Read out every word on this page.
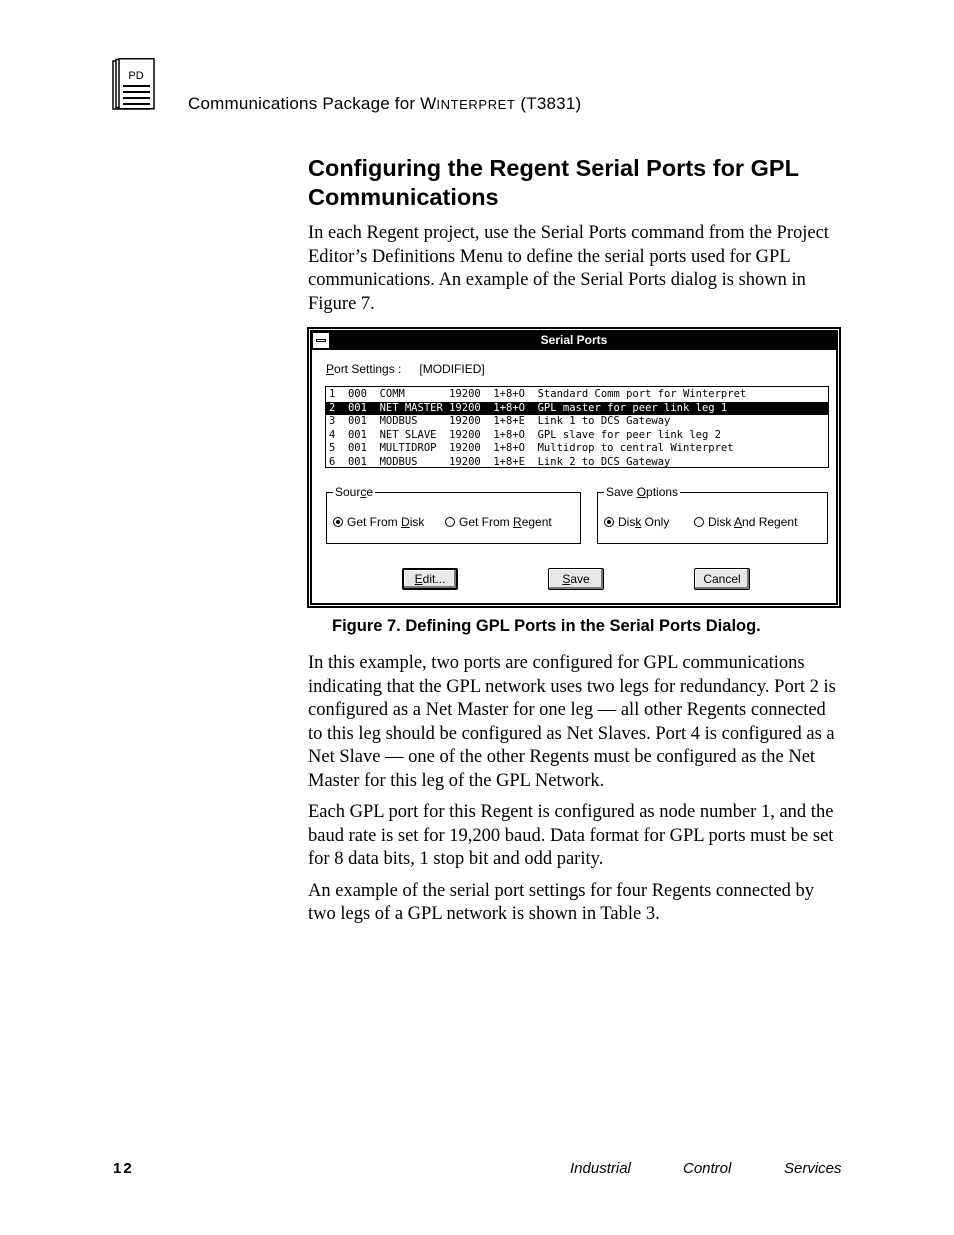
PD
Communications Package for WINTERPRET (T3831)
Configuring the Regent Serial Ports for GPL Communications

In each Regent project, use the Serial Ports command from the Project Editor’s Definitions Menu to define the serial ports used for GPL communications. An example of the Serial Ports dialog is shown in Figure 7.

Serial Ports
Port Settings : [MODIFIED]
1  000  COMM       19200  1+8+O  Standard Comm port for Winterpret
2  001  NET MASTER 19200  1+8+O  GPL master for peer link leg 1
3  001  MODBUS     19200  1+8+E  Link 1 to DCS Gateway
4  001  NET SLAVE  19200  1+8+O  GPL slave for peer link leg 2
5  001  MULTIDROP  19200  1+8+O  Multidrop to central Winterpret
6  001  MODBUS     19200  1+8+E  Link 2 to DCS Gateway
Source
Get From Disk	Get From Regent
Save Options
Disk Only	Disk And Regent
Edit...	Save	Cancel
Figure 7. Defining GPL Ports in the Serial Ports Dialog.

In this example, two ports are configured for GPL communications indicating that the GPL network uses two legs for redundancy. Port 2 is configured as a Net Master for one leg — all other Regents connected to this leg should be configured as Net Slaves. Port 4 is configured as a Net Slave — one of the other Regents must be configured as the Net Master for this leg of the GPL Network.

Each GPL port for this Regent is configured as node number 1, and the baud rate is set for 19,200 baud. Data format for GPL ports must be set for 8 data bits, 1 stop bit and odd parity.

An example of the serial port settings for four Regents connected by two legs of a GPL network is shown in Table 3.

12	Industrial	Control	Services
